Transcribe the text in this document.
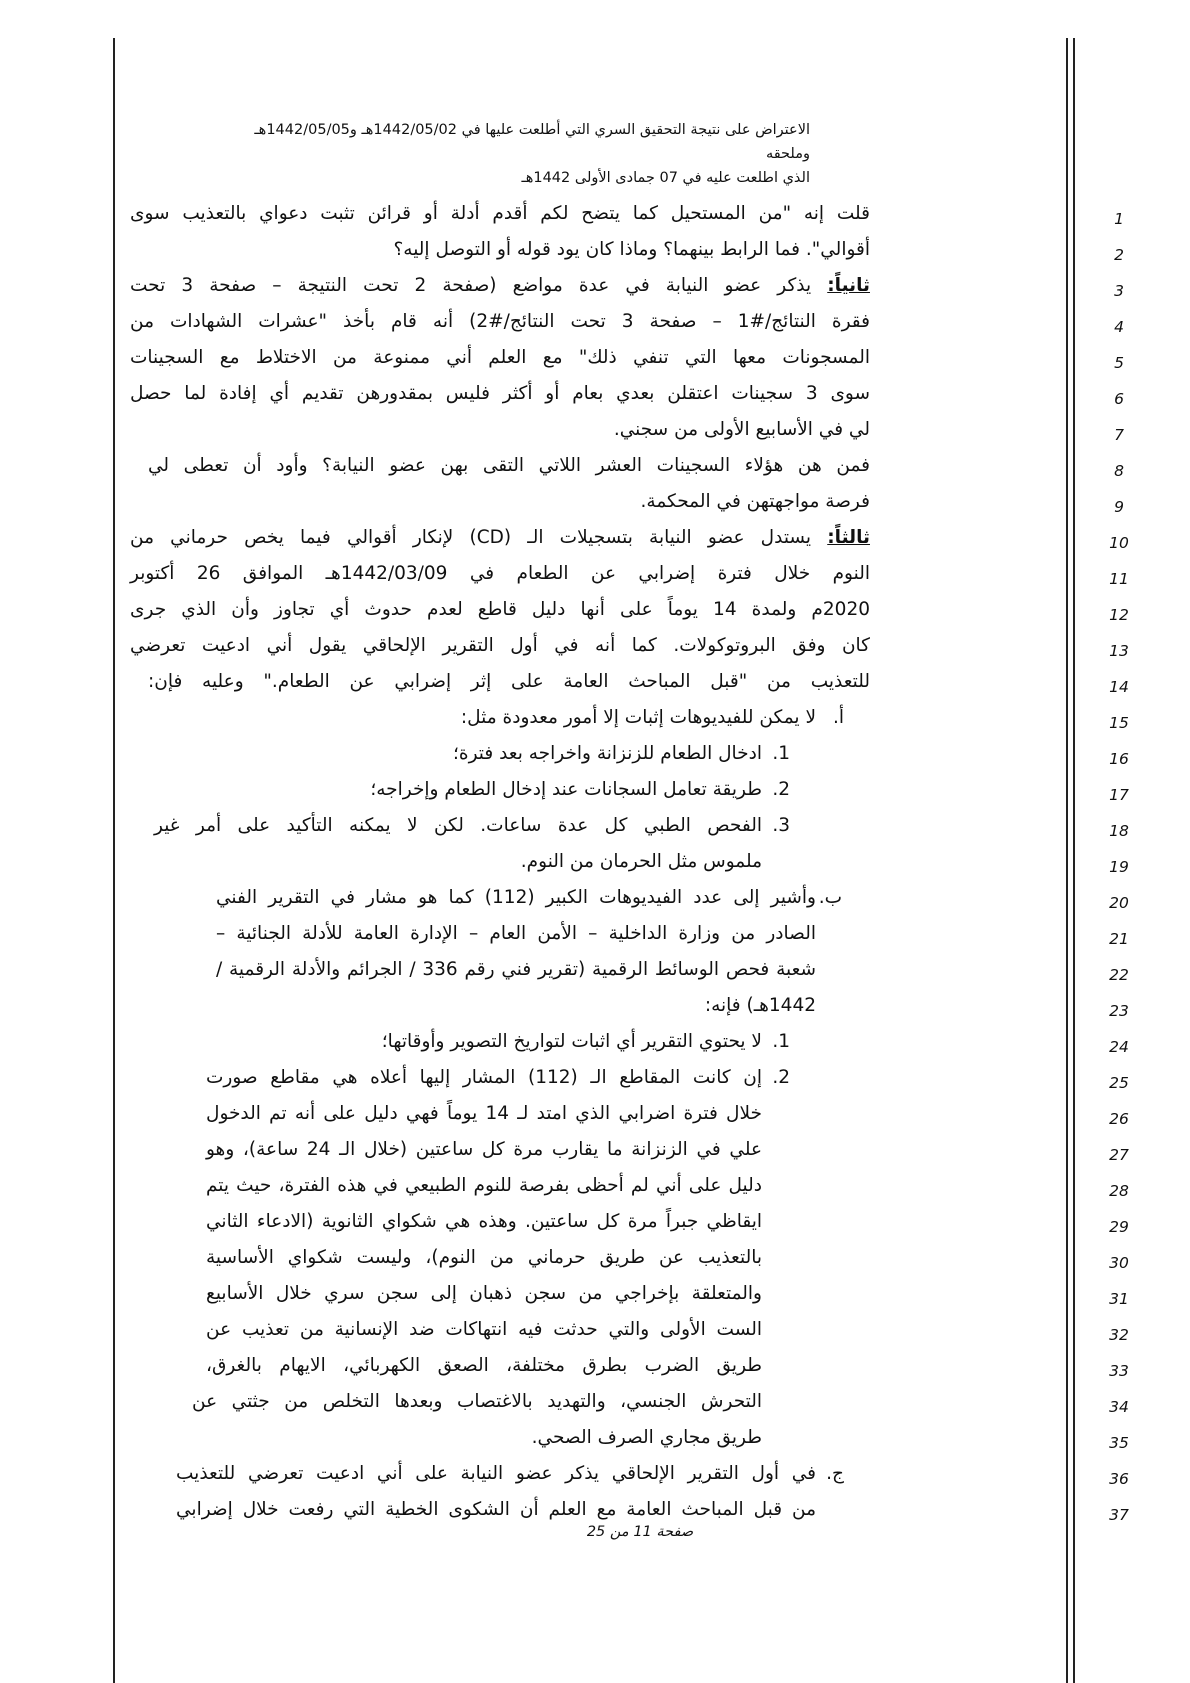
الاعتراض على نتيجة التحقيق السري التي أطلعت عليها في 1442/05/02هـ و1442/05/05هـ وملحقه
الذي اطلعت عليه في 07 جمادى الأولى 1442هـ
قلت إنه "من المستحيل كما يتضح لكم أقدم أدلة أو قرائن تثبت دعواي بالتعذيب سوى	1
أقوالي". فما الرابط بينهما؟ وماذا كان يود قوله أو التوصل إليه؟	2
ثانياً: يذكر عضو النيابة في عدة مواضع (صفحة 2 تحت النتيجة – صفحة 3 تحت	3
فقرة النتائج/#1 – صفحة 3 تحت النتائج/#2) أنه قام بأخذ "عشرات الشهادات من	4
المسجونات معها التي تنفي ذلك" مع العلم أني ممنوعة من الاختلاط مع السجينات	5
سوى 3 سجينات اعتقلن بعدي بعام أو أكثر فليس بمقدورهن تقديم أي إفادة لما حصل	6
لي في الأسابيع الأولى من سجني.	7
فمن هن هؤلاء السجينات العشر اللاتي التقى بهن عضو النيابة؟ وأود أن تعطى لي	8
فرصة مواجهتهن في المحكمة.	9
ثالثاً: يستدل عضو النيابة بتسجيلات الـ (CD) لإنكار أقوالي فيما يخص حرماني من	10
النوم خلال فترة إضرابي عن الطعام في 1442/03/09هـ الموافق 26 أكتوبر	11
2020م ولمدة 14 يوماً على أنها دليل قاطع لعدم حدوث أي تجاوز وأن الذي جرى	12
كان وفق البروتوكولات. كما أنه في أول التقرير الإلحاقي يقول أني ادعيت تعرضي	13
للتعذيب من "قبل المباحث العامة على إثر إضرابي عن الطعام." وعليه فإن:	14
أ.
لا يمكن للفيديوهات إثبات إلا أمور معدودة مثل:	15
1.
ادخال الطعام للزنزانة واخراجه بعد فترة؛	16
2.
طريقة تعامل السجانات عند إدخال الطعام وإخراجه؛	17
3.
الفحص الطبي كل عدة ساعات. لكن لا يمكنه التأكيد على أمر غير	18
ملموس مثل الحرمان من النوم.	19
ب.
وأشير إلى عدد الفيديوهات الكبير (112) كما هو مشار في التقرير الفني	20
الصادر من وزارة الداخلية – الأمن العام – الإدارة العامة للأدلة الجنائية –	21
شعبة فحص الوسائط الرقمية (تقرير فني رقم 336 / الجرائم والأدلة الرقمية /	22
1442هـ) فإنه:	23
1.
لا يحتوي التقرير أي اثبات لتواريخ التصوير وأوقاتها؛	24
2.
إن كانت المقاطع الـ (112) المشار إليها أعلاه هي مقاطع صورت	25
خلال فترة اضرابي الذي امتد لـ 14 يوماً فهي دليل على أنه تم الدخول	26
علي في الزنزانة ما يقارب مرة كل ساعتين (خلال الـ 24 ساعة)، وهو	27
دليل على أني لم أحظى بفرصة للنوم الطبيعي في هذه الفترة، حيث يتم	28
ايقاظي جبراً مرة كل ساعتين. وهذه هي شكواي الثانوية (الادعاء الثاني	29
بالتعذيب عن طريق حرماني من النوم)، وليست شكواي الأساسية	30
والمتعلقة بإخراجي من سجن ذهبان إلى سجن سري خلال الأسابيع	31
الست الأولى والتي حدثت فيه انتهاكات ضد الإنسانية من تعذيب عن	32
طريق الضرب بطرق مختلفة، الصعق الكهربائي، الايهام بالغرق،	33
التحرش الجنسي، والتهديد بالاغتصاب وبعدها التخلص من جثتي عن	34
طريق مجاري الصرف الصحي.	35
ج.
في أول التقرير الإلحاقي يذكر عضو النيابة على أني ادعيت تعرضي للتعذيب	36
من قبل المباحث العامة مع العلم أن الشكوى الخطية التي رفعت خلال إضرابي	37
صفحة 11 من 25
